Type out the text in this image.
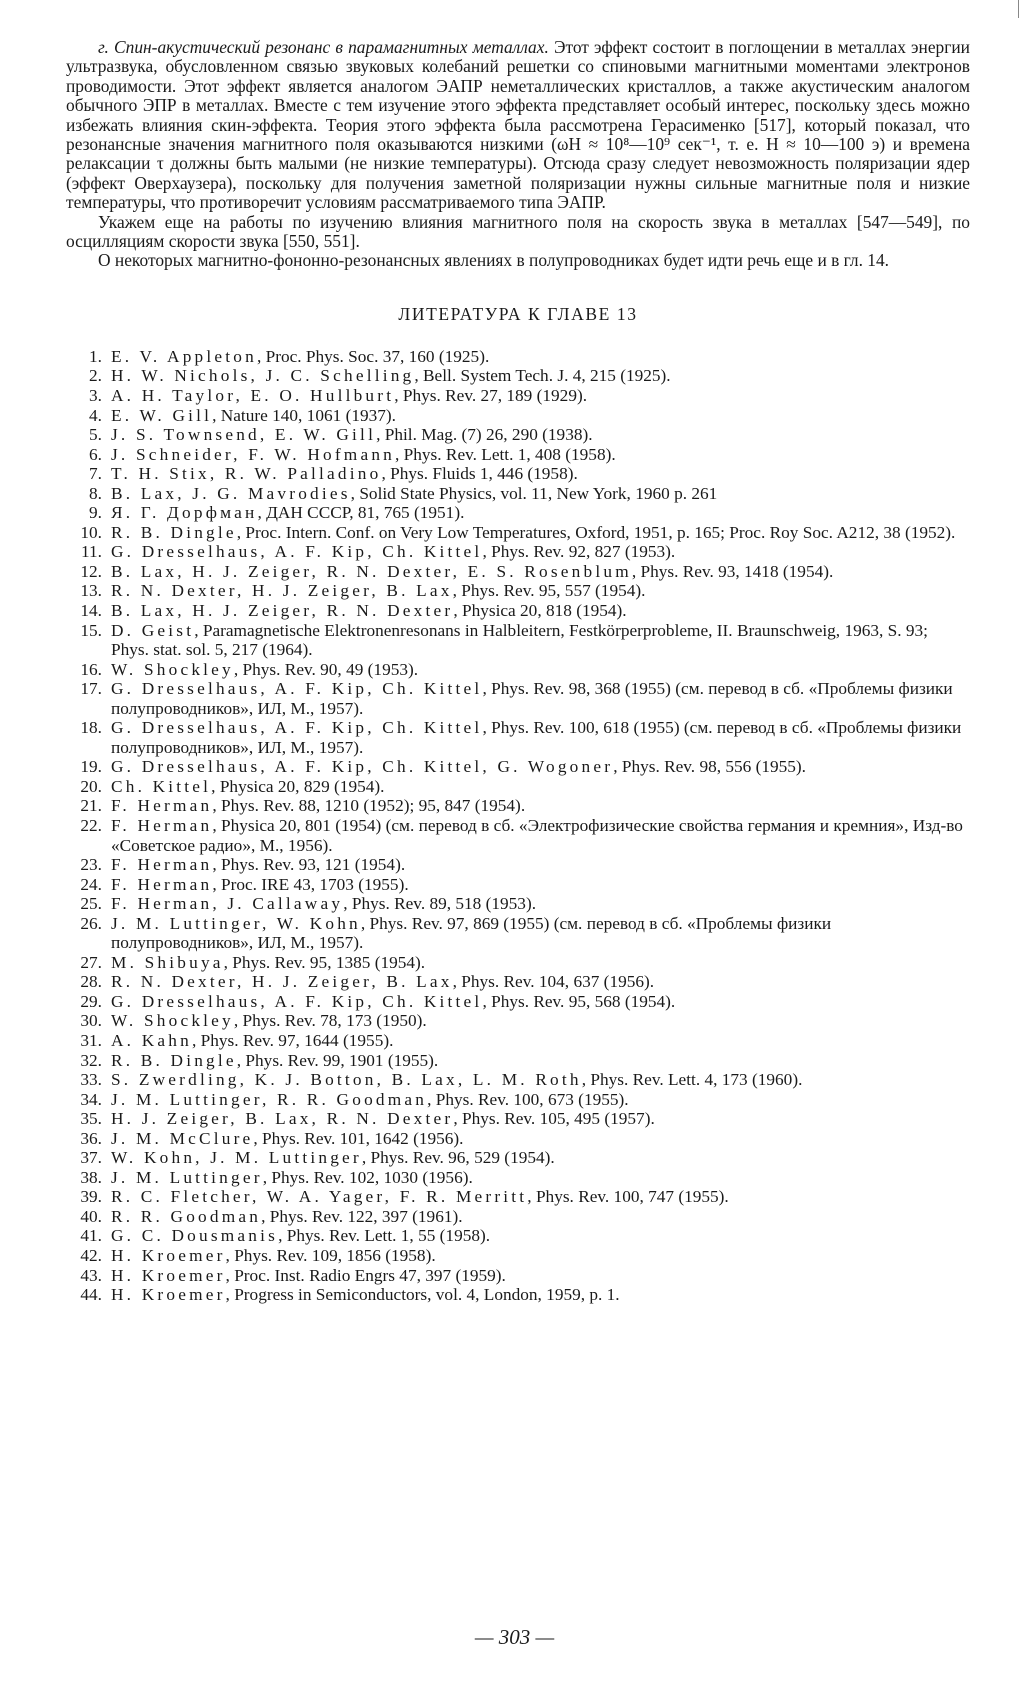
г. Спин-акустический резонанс в парамагнитных металлах. Этот эффект состоит в поглощении в металлах энергии ультразвука, обусловленном связью звуковых колебаний решетки со спиновыми магнитными моментами электронов проводимости. Этот эффект является аналогом ЭАПР неметаллических кристаллов, а также акустическим аналогом обычного ЭПР в металлах. Вместе с тем изучение этого эффекта представляет особый интерес, поскольку здесь можно избежать влияния скин-эффекта. Теория этого эффекта была рассмотрена Герасименко [517], который показал, что резонансные значения магнитного поля оказываются низкими (ωH ≈ 10⁸—10⁹ сек⁻¹, т. е. H ≈ 10—100 э) и времена релаксации τ должны быть малыми (не низкие температуры). Отсюда сразу следует невозможность поляризации ядер (эффект Оверхаузера), поскольку для получения заметной поляризации нужны сильные магнитные поля и низкие температуры, что противоречит условиям рассматриваемого типа ЭАПР.

Укажем еще на работы по изучению влияния магнитного поля на скорость звука в металлах [547—549], по осцилляциям скорости звука [550, 551].

О некоторых магнитно-фононно-резонансных явлениях в полупроводниках будет идти речь еще и в гл. 14.

ЛИТЕРАТУРА К ГЛАВЕ 13
1. E. V. Appleton, Proc. Phys. Soc. 37, 160 (1925).
2. H. W. Nichols, J. C. Schelling, Bell. System Tech. J. 4, 215 (1925).
3. A. H. Taylor, E. O. Hullburt, Phys. Rev. 27, 189 (1929).
4. E. W. Gill, Nature 140, 1061 (1937).
5. J. S. Townsend, E. W. Gill, Phil. Mag. (7) 26, 290 (1938).
6. J. Schneider, F. W. Hofmann, Phys. Rev. Lett. 1, 408 (1958).
7. T. H. Stix, R. W. Palladino, Phys. Fluids 1, 446 (1958).
8. B. Lax, J. G. Mavrodies, Solid State Physics, vol. 11, New York, 1960 p. 261
9. Я. Г. Дорфман, ДАН СССР, 81, 765 (1951).
10. R. B. Dingle, Proc. Intern. Conf. on Very Low Temperatures, Oxford, 1951, p. 165; Proc. Roy Soc. A212, 38 (1952).
11. G. Dresselhaus, A. F. Kip, Ch. Kittel, Phys. Rev. 92, 827 (1953).
12. B. Lax, H. J. Zeiger, R. N. Dexter, E. S. Rosenblum, Phys. Rev. 93, 1418 (1954).
13. R. N. Dexter, H. J. Zeiger, B. Lax, Phys. Rev. 95, 557 (1954).
14. B. Lax, H. J. Zeiger, R. N. Dexter, Physica 20, 818 (1954).
15. D. Geist, Paramagnetische Elektronenresonans in Halbleitern, Festkörperprobleme, II. Braunschweig, 1963, S. 93; Phys. stat. sol. 5, 217 (1964).
16. W. Shockley, Phys. Rev. 90, 49 (1953).
17. G. Dresselhaus, A. F. Kip, Ch. Kittel, Phys. Rev. 98, 368 (1955) (см. перевод в сб. «Проблемы физики полупроводников», ИЛ, М., 1957).
18. G. Dresselhaus, A. F. Kip, Ch. Kittel, Phys. Rev. 100, 618 (1955) (см. перевод в сб. «Проблемы физики полупроводников», ИЛ, М., 1957).
19. G. Dresselhaus, A. F. Kip, Ch. Kittel, G. Wogoner, Phys. Rev. 98, 556 (1955).
20. Ch. Kittel, Physica 20, 829 (1954).
21. F. Herman, Phys. Rev. 88, 1210 (1952); 95, 847 (1954).
22. F. Herman, Physica 20, 801 (1954) (см. перевод в сб. «Электрофизические свойства германия и кремния», Изд-во «Советское радио», М., 1956).
23. F. Herman, Phys. Rev. 93, 121 (1954).
24. F. Herman, Proc. IRE 43, 1703 (1955).
25. F. Herman, J. Callaway, Phys. Rev. 89, 518 (1953).
26. J. M. Luttinger, W. Kohn, Phys. Rev. 97, 869 (1955) (см. перевод в сб. «Проблемы физики полупроводников», ИЛ, М., 1957).
27. M. Shibuya, Phys. Rev. 95, 1385 (1954).
28. R. N. Dexter, H. J. Zeiger, B. Lax, Phys. Rev. 104, 637 (1956).
29. G. Dresselhaus, A. F. Kip, Ch. Kittel, Phys. Rev. 95, 568 (1954).
30. W. Shockley, Phys. Rev. 78, 173 (1950).
31. A. Kahn, Phys. Rev. 97, 1644 (1955).
32. R. B. Dingle, Phys. Rev. 99, 1901 (1955).
33. S. Zwerdling, K. J. Botton, B. Lax, L. M. Roth, Phys. Rev. Lett. 4, 173 (1960).
34. J. M. Luttinger, R. R. Goodman, Phys. Rev. 100, 673 (1955).
35. H. J. Zeiger, B. Lax, R. N. Dexter, Phys. Rev. 105, 495 (1957).
36. J. M. McClure, Phys. Rev. 101, 1642 (1956).
37. W. Kohn, J. M. Luttinger, Phys. Rev. 96, 529 (1954).
38. J. M. Luttinger, Phys. Rev. 102, 1030 (1956).
39. R. C. Fletcher, W. A. Yager, F. R. Merritt, Phys. Rev. 100, 747 (1955).
40. R. R. Goodman, Phys. Rev. 122, 397 (1961).
41. G. C. Dousmanis, Phys. Rev. Lett. 1, 55 (1958).
42. H. Kroemer, Phys. Rev. 109, 1856 (1958).
43. H. Kroemer, Proc. Inst. Radio Engrs 47, 397 (1959).
44. H. Kroemer, Progress in Semiconductors, vol. 4, London, 1959, p. 1.
— 303 —
